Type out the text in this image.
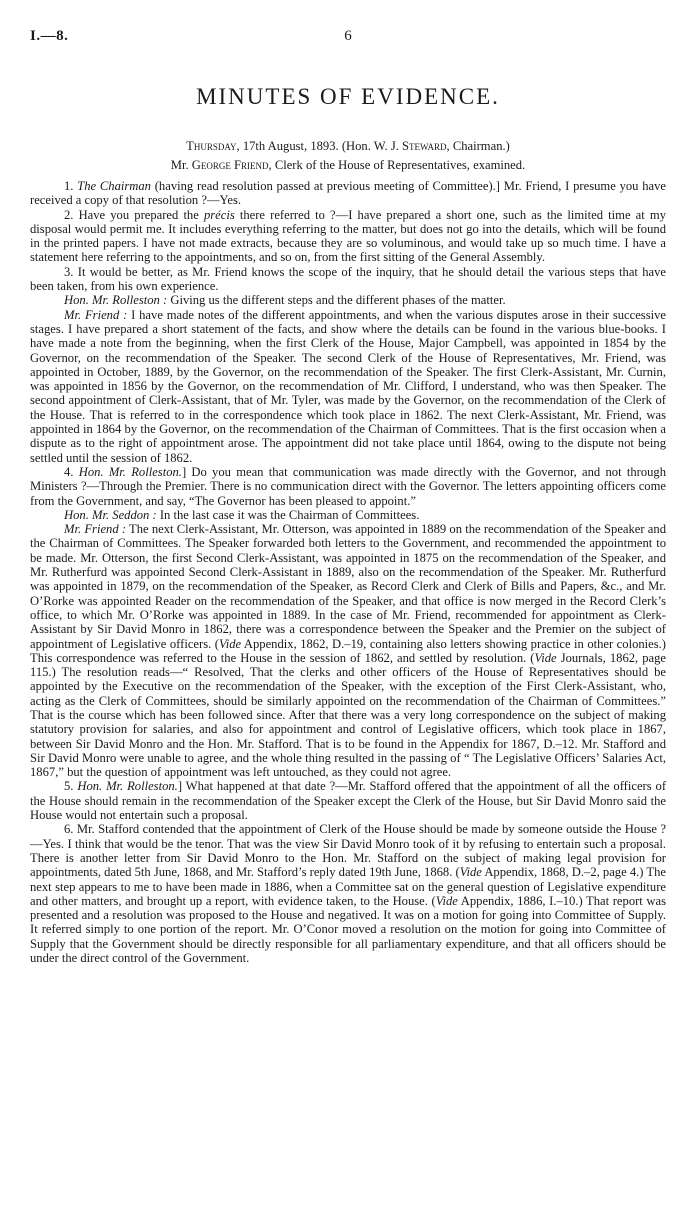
I.—8.	6
MINUTES OF EVIDENCE.
Thursday, 17th August, 1893. (Hon. W. J. Steward, Chairman.)
Mr. George Friend, Clerk of the House of Representatives, examined.

1. The Chairman (having read resolution passed at previous meeting of Committee).] Mr. Friend, I presume you have received a copy of that resolution ?—Yes.

2. Have you prepared the précis there referred to ?—I have prepared a short one, such as the limited time at my disposal would permit me. It includes everything referring to the matter, but does not go into the details, which will be found in the printed papers. I have not made extracts, because they are so voluminous, and would take up so much time. I have a statement here referring to the appointments, and so on, from the first sitting of the General Assembly.

3. It would be better, as Mr. Friend knows the scope of the inquiry, that he should detail the various steps that have been taken, from his own experience.

Hon. Mr. Rolleston : Giving us the different steps and the different phases of the matter.

Mr. Friend : I have made notes of the different appointments, and when the various disputes arose in their successive stages. I have prepared a short statement of the facts, and show where the details can be found in the various blue-books. I have made a note from the beginning, when the first Clerk of the House, Major Campbell, was appointed in 1854 by the Governor, on the recommendation of the Speaker. The second Clerk of the House of Representatives, Mr. Friend, was appointed in October, 1889, by the Governor, on the recommendation of the Speaker. The first Clerk-Assistant, Mr. Curnin, was appointed in 1856 by the Governor, on the recommendation of Mr. Clifford, I understand, who was then Speaker. The second appointment of Clerk-Assistant, that of Mr. Tyler, was made by the Governor, on the recommendation of the Clerk of the House. That is referred to in the correspondence which took place in 1862. The next Clerk-Assistant, Mr. Friend, was appointed in 1864 by the Governor, on the recommendation of the Chairman of Committees. That is the first occasion when a dispute as to the right of appointment arose. The appointment did not take place until 1864, owing to the dispute not being settled until the session of 1862.

4. Hon. Mr. Rolleston.] Do you mean that communication was made directly with the Governor, and not through Ministers ?—Through the Premier. There is no communication direct with the Governor. The letters appointing officers come from the Government, and say, “The Governor has been pleased to appoint.”

Hon. Mr. Seddon : In the last case it was the Chairman of Committees.

Mr. Friend : The next Clerk-Assistant, Mr. Otterson, was appointed in 1889 on the recommendation of the Speaker and the Chairman of Committees. The Speaker forwarded both letters to the Government, and recommended the appointment to be made. Mr. Otterson, the first Second Clerk-Assistant, was appointed in 1875 on the recommendation of the Speaker, and Mr. Rutherfurd was appointed Second Clerk-Assistant in 1889, also on the recommendation of the Speaker. Mr. Rutherfurd was appointed in 1879, on the recommendation of the Speaker, as Record Clerk and Clerk of Bills and Papers, &c., and Mr. O’Rorke was appointed Reader on the recommendation of the Speaker, and that office is now merged in the Record Clerk’s office, to which Mr. O’Rorke was appointed in 1889. In the case of Mr. Friend, recommended for appointment as Clerk-Assistant by Sir David Monro in 1862, there was a correspondence between the Speaker and the Premier on the subject of appointment of Legislative officers. (Vide Appendix, 1862, D.–19, containing also letters showing practice in other colonies.) This correspondence was referred to the House in the session of 1862, and settled by resolution. (Vide Journals, 1862, page 115.) The resolution reads—“ Resolved, That the clerks and other officers of the House of Representatives should be appointed by the Executive on the recommendation of the Speaker, with the exception of the First Clerk-Assistant, who, acting as the Clerk of Committees, should be similarly appointed on the recommendation of the Chairman of Committees.” That is the course which has been followed since. After that there was a very long correspondence on the subject of making statutory provision for salaries, and also for appointment and control of Legislative officers, which took place in 1867, between Sir David Monro and the Hon. Mr. Stafford. That is to be found in the Appendix for 1867, D.–12. Mr. Stafford and Sir David Monro were unable to agree, and the whole thing resulted in the passing of “ The Legislative Officers’ Salaries Act, 1867,” but the question of appointment was left untouched, as they could not agree.

5. Hon. Mr. Rolleston.] What happened at that date ?—Mr. Stafford offered that the appointment of all the officers of the House should remain in the recommendation of the Speaker except the Clerk of the House, but Sir David Monro said the House would not entertain such a proposal.

6. Mr. Stafford contended that the appointment of Clerk of the House should be made by someone outside the House ?—Yes. I think that would be the tenor. That was the view Sir David Monro took of it by refusing to entertain such a proposal. There is another letter from Sir David Monro to the Hon. Mr. Stafford on the subject of making legal provision for appointments, dated 5th June, 1868, and Mr. Stafford’s reply dated 19th June, 1868. (Vide Appendix, 1868, D.–2, page 4.) The next step appears to me to have been made in 1886, when a Committee sat on the general question of Legislative expenditure and other matters, and brought up a report, with evidence taken, to the House. (Vide Appendix, 1886, I.–10.) That report was presented and a resolution was proposed to the House and negatived. It was on a motion for going into Committee of Supply. It referred simply to one portion of the report. Mr. O’Conor moved a resolution on the motion for going into Committee of Supply that the Government should be directly responsible for all parliamentary expenditure, and that all officers should be under the direct control of the Government.
